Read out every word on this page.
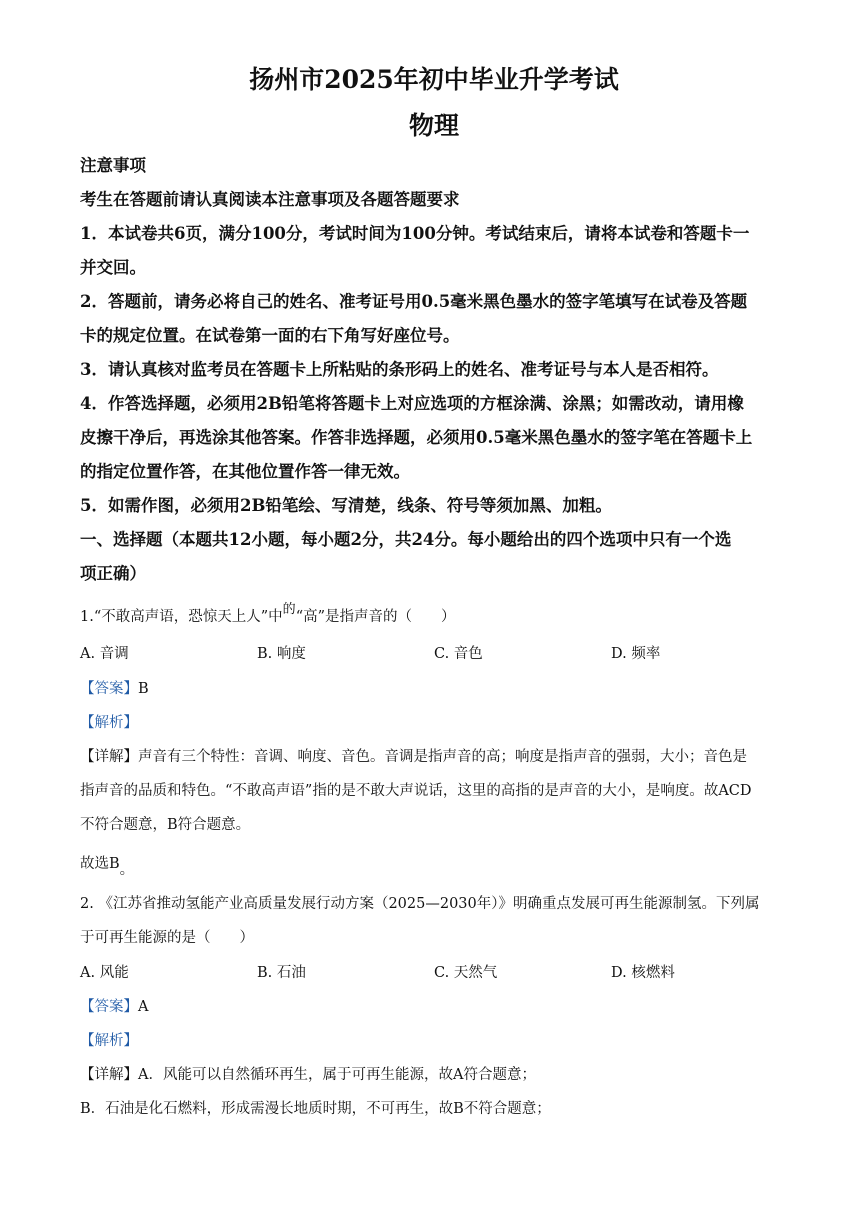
扬州市2025年初中毕业升学考试
物理
注意事项
考生在答题前请认真阅读本注意事项及各题答题要求
1．本试卷共6页，满分100分，考试时间为100分钟。考试结束后，请将本试卷和答题卡一
并交回。
2．答题前，请务必将自己的姓名、准考证号用0.5毫米黑色墨水的签字笔填写在试卷及答题
卡的规定位置。在试卷第一面的右下角写好座位号。
3．请认真核对监考员在答题卡上所粘贴的条形码上的姓名、准考证号与本人是否相符。
4．作答选择题，必须用2B铅笔将答题卡上对应选项的方框涂满、涂黑；如需改动，请用橡
皮擦干净后，再选涂其他答案。作答非选择题，必须用0.5毫米黑色墨水的签字笔在答题卡上
的指定位置作答，在其他位置作答一律无效。
5．如需作图，必须用2B铅笔绘、写清楚，线条、符号等须加黑、加粗。
一、选择题（本题共12小题，每小题2分，共24分。每小题给出的四个选项中只有一个选
项正确）
1.“不敢高声语，恐惊天上人”中的“高”是指声音的（　　）
A. 音调	B. 响度	C. 音色	D. 频率
【答案】B
【解析】
【详解】声音有三个特性：音调、响度、音色。音调是指声音的高；响度是指声音的强弱，大小；音色是
指声音的品质和特色。“不敢高声语”指的是不敢大声说话，这里的高指的是声音的大小，是响度。故ACD
不符合题意，B符合题意。
故选B。
2. 《江苏省推动氢能产业高质量发展行动方案（2025—2030年）》明确重点发展可再生能源制氢。下列属
于可再生能源的是（　　）
A. 风能	B. 石油	C. 天然气	D. 核燃料
【答案】A
【解析】
【详解】A．风能可以自然循环再生，属于可再生能源，故A符合题意；
B．石油是化石燃料，形成需漫长地质时期，不可再生，故B不符合题意；
